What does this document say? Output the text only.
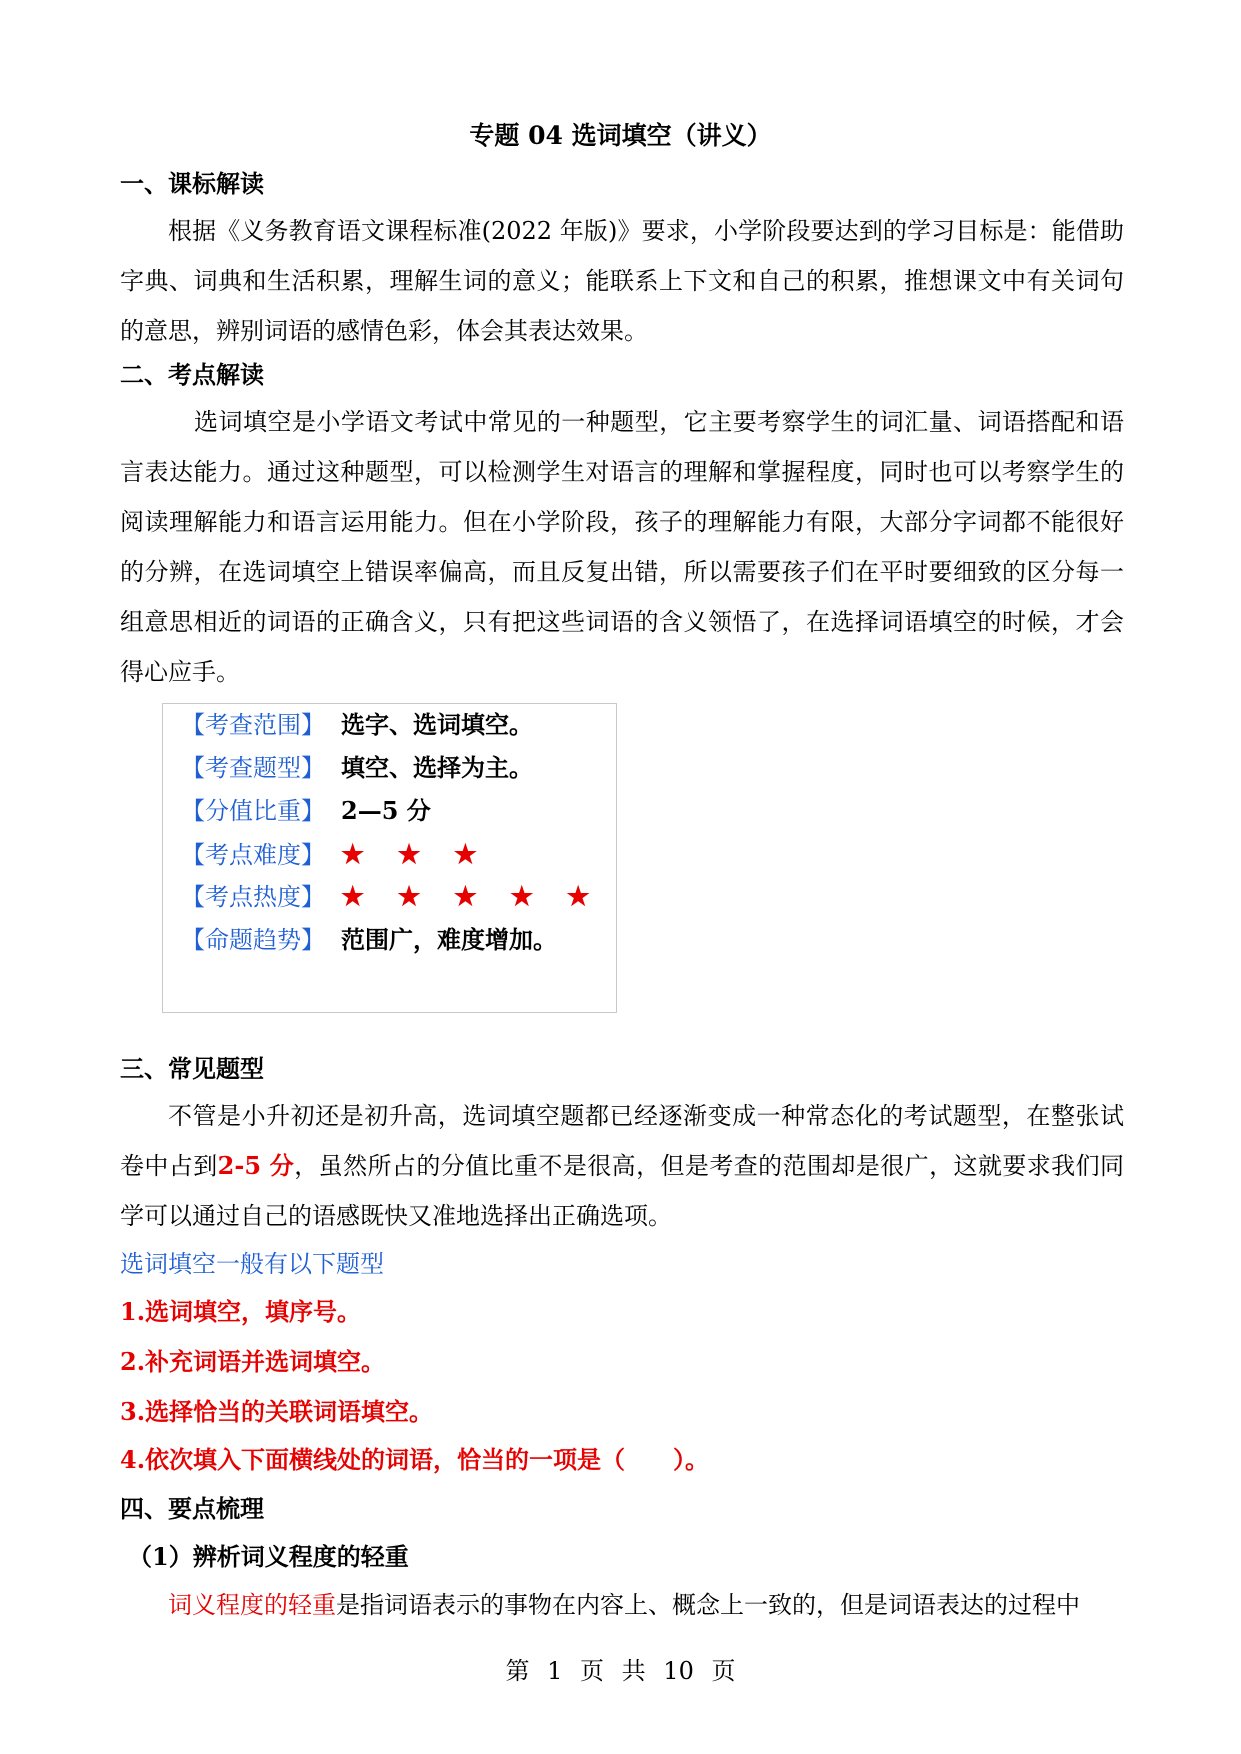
专题 04 选词填空（讲义）
一、课标解读

根据《义务教育语文课程标准(2022 年版)》要求，小学阶段要达到的学习目标是：能借助字典、词典和生活积累，理解生词的意义；能联系上下文和自己的积累，推想课文中有关词句的意思，辨别词语的感情色彩，体会其表达效果。

二、考点解读

选词填空是小学语文考试中常见的一种题型，它主要考察学生的词汇量、词语搭配和语言表达能力。通过这种题型，可以检测学生对语言的理解和掌握程度，同时也可以考察学生的阅读理解能力和语言运用能力。但在小学阶段，孩子的理解能力有限，大部分字词都不能很好的分辨，在选词填空上错误率偏高，而且反复出错，所以需要孩子们在平时要细致的区分每一组意思相近的词语的正确含义，只有把这些词语的含义领悟了，在选择词语填空的时候，才会得心应手。

【考查范围】 选字、选词填空。
【考查题型】 填空、选择为主。
【分值比重】 2—5 分
【考点难度】 ★ ★ ★
【考点热度】 ★ ★ ★ ★ ★
【命题趋势】 范围广，难度增加。
三、常见题型

不管是小升初还是初升高，选词填空题都已经逐渐变成一种常态化的考试题型，在整张试卷中占到2-5 分，虽然所占的分值比重不是很高，但是考查的范围却是很广，这就要求我们同学可以通过自己的语感既快又准地选择出正确选项。

选词填空一般有以下题型
1.选词填空，填序号。
2.补充词语并选词填空。
3.选择恰当的关联词语填空。
4.依次填入下面横线处的词语，恰当的一项是（　　）。
四、要点梳理
（1）辨析词义程度的轻重

词义程度的轻重是指词语表示的事物在内容上、概念上一致的，但是词语表达的过程中

第 1 页 共 10 页
